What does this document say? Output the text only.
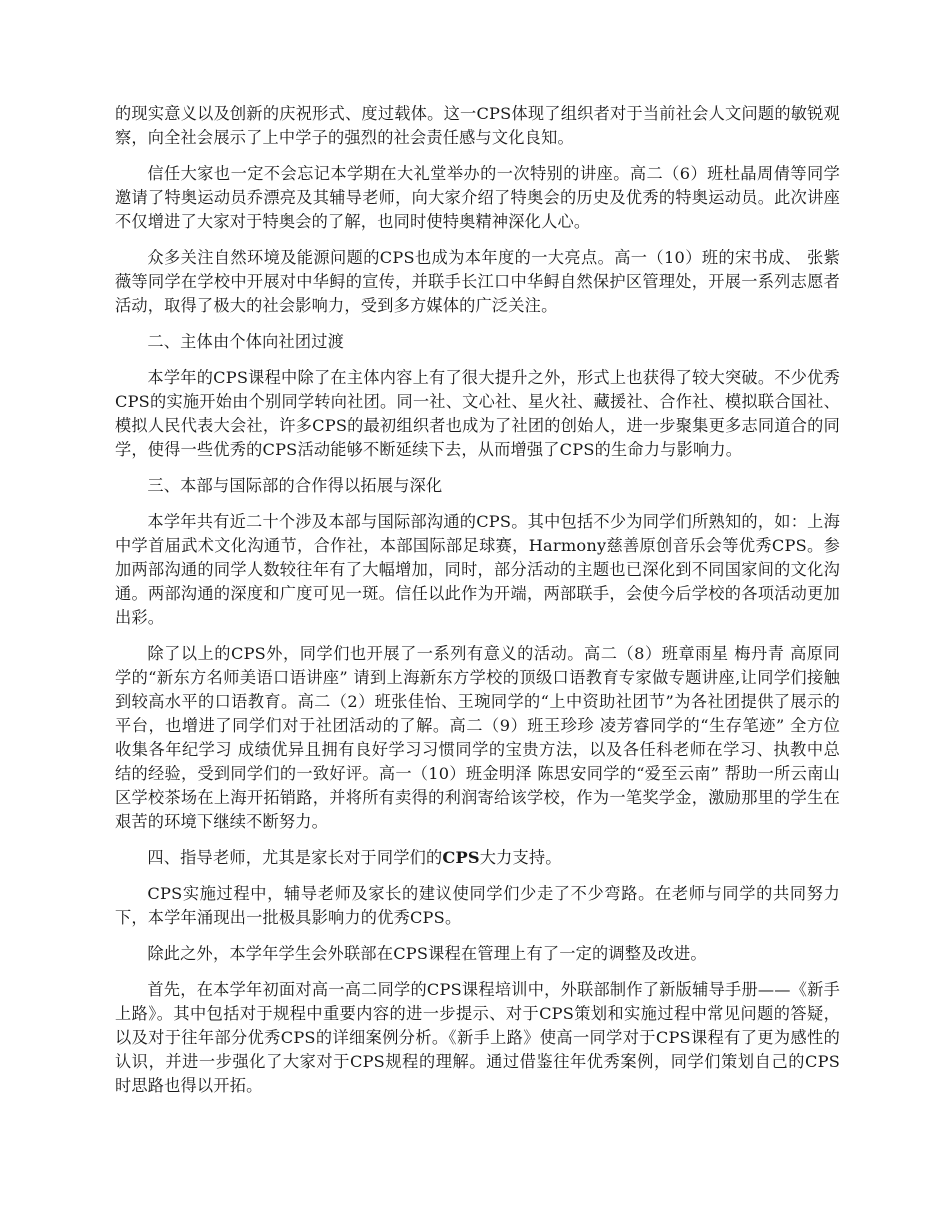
的现实意义以及创新的庆祝形式、度过载体。这一CPS体现了组织者对于当前社会人文问题的敏锐观察，向全社会展示了上中学子的强烈的社会责任感与文化良知。

信任大家也一定不会忘记本学期在大礼堂举办的一次特别的讲座。高二（6）班杜晶周倩等同学邀请了特奥运动员乔漂亮及其辅导老师，向大家介绍了特奥会的历史及优秀的特奥运动员。此次讲座不仅增进了大家对于特奥会的了解，也同时使特奥精神深化人心。

众多关注自然环境及能源问题的CPS也成为本年度的一大亮点。高一（10）班的宋书成、 张紫薇等同学在学校中开展对中华鲟的宣传，并联手长江口中华鲟自然保护区管理处，开展一系列志愿者活动，取得了极大的社会影响力，受到多方媒体的广泛关注。

二、主体由个体向社团过渡

本学年的CPS课程中除了在主体内容上有了很大提升之外，形式上也获得了较大突破。不少优秀CPS的实施开始由个别同学转向社团。同一社、文心社、星火社、藏援社、合作社、模拟联合国社、模拟人民代表大会社，许多CPS的最初组织者也成为了社团的创始人，进一步聚集更多志同道合的同学，使得一些优秀的CPS活动能够不断延续下去，从而增强了CPS的生命力与影响力。

三、本部与国际部的合作得以拓展与深化

本学年共有近二十个涉及本部与国际部沟通的CPS。其中包括不少为同学们所熟知的，如：上海中学首届武术文化沟通节，合作社，本部国际部足球赛，Harmony慈善原创音乐会等优秀CPS。参加两部沟通的同学人数较往年有了大幅增加，同时，部分活动的主题也已深化到不同国家间的文化沟通。两部沟通的深度和广度可见一斑。信任以此作为开端，两部联手，会使今后学校的各项活动更加出彩。

除了以上的CPS外，同学们也开展了一系列有意义的活动。高二（8）班章雨星 梅丹青 高原同学的“新东方名师美语口语讲座” 请到上海新东方学校的顶级口语教育专家做专题讲座,让同学们接触到较高水平的口语教育。高二（2）班张佳怡、王琬同学的“上中资助社团节”为各社团提供了展示的平台，也增进了同学们对于社团活动的了解。高二（9）班王珍珍 凌芳睿同学的“生存笔迹” 全方位收集各年纪学习 成绩优异且拥有良好学习习惯同学的宝贵方法，以及各任科老师在学习、执教中总结的经验，受到同学们的一致好评。高一（10）班金明泽 陈思安同学的“爱至云南” 帮助一所云南山区学校茶场在上海开拓销路，并将所有卖得的利润寄给该学校，作为一笔奖学金，激励那里的学生在艰苦的环境下继续不断努力。

四、指导老师，尤其是家长对于同学们的CPS大力支持。

CPS实施过程中，辅导老师及家长的建议使同学们少走了不少弯路。在老师与同学的共同努力下，本学年涌现出一批极具影响力的优秀CPS。

除此之外，本学年学生会外联部在CPS课程在管理上有了一定的调整及改进。

首先，在本学年初面对高一高二同学的CPS课程培训中，外联部制作了新版辅导手册——《新手上路》。其中包括对于规程中重要内容的进一步提示、对于CPS策划和实施过程中常见问题的答疑，以及对于往年部分优秀CPS的详细案例分析。《新手上路》使高一同学对于CPS课程有了更为感性的认识，并进一步强化了大家对于CPS规程的理解。通过借鉴往年优秀案例，同学们策划自己的CPS时思路也得以开拓。
